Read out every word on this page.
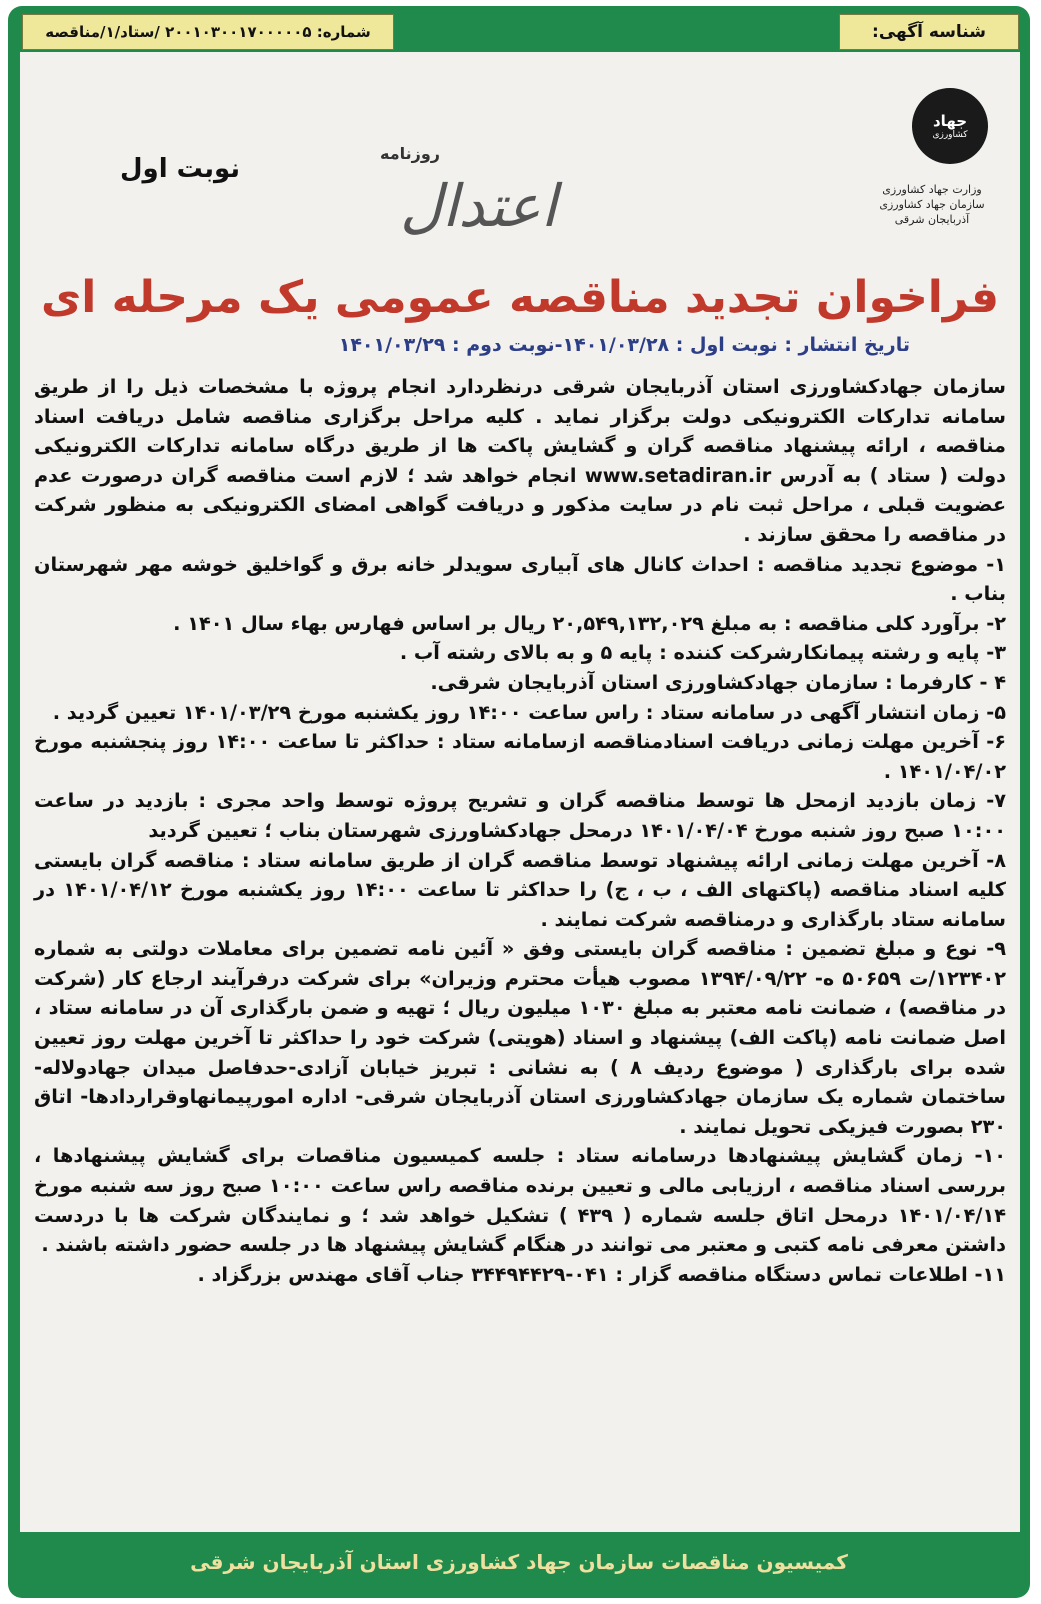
شناسه آگهی:
شماره: ۲۰۰۱۰۳۰۰۱۷۰۰۰۰۰۵ /ستاد/۱/مناقصه
جهاد
کشاورزی
وزارت جهاد کشاورزی
سازمان جهاد کشاورزی
آذربایجان شرقی
روزنامه
اعتدال
نوبت اول
فراخوان تجدید مناقصه عمومی یک مرحله ای
تاریخ انتشار : نوبت اول : ۱۴۰۱/۰۳/۲۸-نوبت دوم : ۱۴۰۱/۰۳/۲۹

سازمان جهادکشاورزی استان آذربایجان شرقی درنظردارد انجام پروژه با مشخصات ذیل را از طریق سامانه تدارکات الکترونیکی دولت برگزار نماید . کلیه مراحل برگزاری مناقصه شامل دریافت اسناد مناقصه ، ارائه پیشنهاد مناقصه گران و گشایش پاکت ها از طریق درگاه سامانه تدارکات الکترونیکی دولت ( ستاد ) به آدرس www.setadiran.ir انجام خواهد شد ؛ لازم است مناقصه گران درصورت عدم عضویت قبلی ، مراحل ثبت نام در سایت مذکور و دریافت گواهی امضای الکترونیکی به منظور شرکت در مناقصه را محقق سازند .

۱- موضوع تجدید مناقصه : احداث کانال های آبیاری سویدلر خانه برق و گواخلیق خوشه مهر شهرستان بناب .

۲- برآورد کلی مناقصه : به مبلغ ۲۰,۵۴۹,۱۳۲,۰۲۹ ریال بر اساس فهارس بهاء سال ۱۴۰۱ .

۳- پایه و رشته پیمانکارشرکت کننده : پایه ۵ و به بالای رشته آب .

۴ - کارفرما : سازمان جهادکشاورزی استان آذربایجان شرقی.

۵- زمان انتشار آگهی در سامانه ستاد : راس ساعت ۱۴:۰۰ روز یکشنبه مورخ ۱۴۰۱/۰۳/۲۹ تعیین گردید .

۶- آخرین مهلت زمانی دریافت اسنادمناقصه ازسامانه ستاد : حداکثر تا ساعت ۱۴:۰۰ روز پنجشنبه مورخ ۱۴۰۱/۰۴/۰۲ .

۷- زمان بازدید ازمحل ها توسط مناقصه گران و تشریح پروژه توسط واحد مجری : بازدید در ساعت ۱۰:۰۰ صبح روز شنبه مورخ ۱۴۰۱/۰۴/۰۴ درمحل جهادکشاورزی شهرستان بناب ؛ تعیین گردید

۸- آخرین مهلت زمانی ارائه پیشنهاد توسط مناقصه گران از طریق سامانه ستاد : مناقصه گران بایستی کلیه اسناد مناقصه (پاکتهای الف ، ب ، ج) را حداکثر تا ساعت ۱۴:۰۰ روز یکشنبه مورخ ۱۴۰۱/۰۴/۱۲ در سامانه ستاد بارگذاری و درمناقصه شرکت نمایند .

۹- نوع و مبلغ تضمین : مناقصه گران بایستی وفق « آئین نامه تضمین برای معاملات دولتی به شماره ۱۲۳۴۰۲/ت ۵۰۶۵۹ ه- ۱۳۹۴/۰۹/۲۲ مصوب هیأت محترم وزیران» برای شرکت درفرآیند ارجاع کار (شرکت در مناقصه) ، ضمانت نامه معتبر به مبلغ ۱۰۳۰ میلیون ریال ؛ تهیه و ضمن بارگذاری آن در سامانه ستاد ، اصل ضمانت نامه (پاکت الف) پیشنهاد و اسناد (هویتی) شرکت خود را حداکثر تا آخرین مهلت روز تعیین شده برای بارگذاری ( موضوع ردیف ۸ ) به نشانی : تبریز خیابان آزادی-حدفاصل میدان جهادولاله- ساختمان شماره یک سازمان جهادکشاورزی استان آذربایجان شرقی- اداره امورپیمانهاوقراردادها- اتاق ۲۳۰ بصورت فیزیکی تحویل نمایند .

۱۰- زمان گشایش پیشنهادها درسامانه ستاد : جلسه کمیسیون مناقصات برای گشایش پیشنهادها ، بررسی اسناد مناقصه ، ارزیابی مالی و تعیین برنده مناقصه راس ساعت ۱۰:۰۰ صبح روز سه شنبه مورخ ۱۴۰۱/۰۴/۱۴ درمحل اتاق جلسه شماره ( ۴۳۹ ) تشکیل خواهد شد ؛ و نمایندگان شرکت ها با دردست داشتن معرفی نامه کتبی و معتبر می توانند در هنگام گشایش پیشنهاد ها در جلسه حضور داشته باشند .

۱۱- اطلاعات تماس دستگاه مناقصه گزار : ۰۴۱-۳۴۴۹۴۴۲۹ جناب آقای مهندس بزرگزاد .

کمیسیون مناقصات سازمان جهاد کشاورزی استان آذربایجان شرقی
